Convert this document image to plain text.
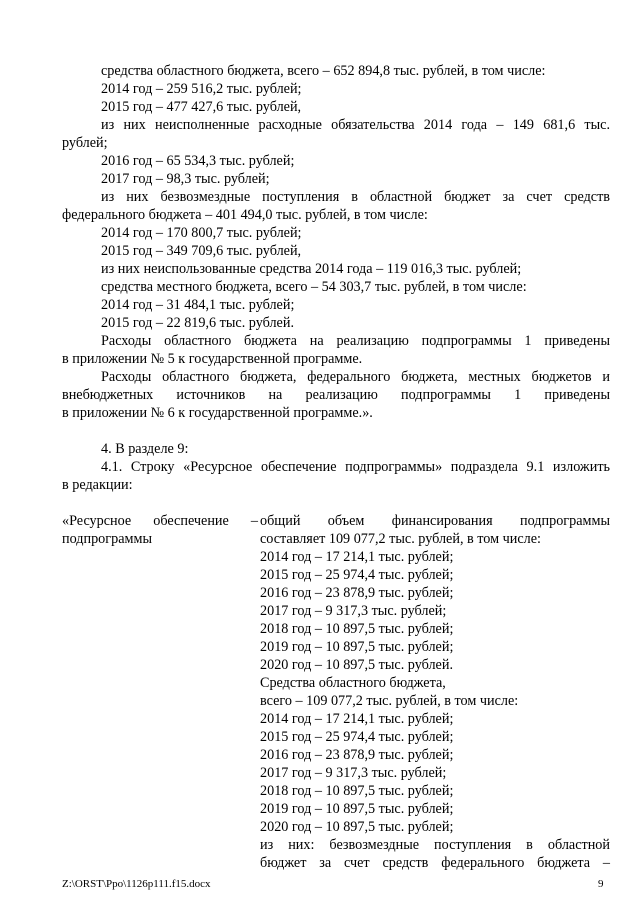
средства областного бюджета, всего – 652 894,8 тыс. рублей, в том числе:
2014 год – 259 516,2 тыс. рублей;
2015 год – 477 427,6 тыс. рублей,
из них неисполненные расходные обязательства 2014 года – 149 681,6 тыс.
рублей;
2016 год – 65 534,3 тыс. рублей;
2017 год – 98,3 тыс. рублей;
из них безвозмездные поступления в областной бюджет за счет средств
федерального бюджета – 401 494,0 тыс. рублей, в том числе:
2014 год – 170 800,7 тыс. рублей;
2015 год – 349 709,6 тыс. рублей,
из них неиспользованные средства 2014 года – 119 016,3 тыс. рублей;
средства местного бюджета, всего – 54 303,7 тыс. рублей, в том числе:
2014 год – 31 484,1 тыс. рублей;
2015 год – 22 819,6 тыс. рублей.
Расходы областного бюджета на реализацию подпрограммы 1 приведены
в приложении № 5 к государственной программе.
Расходы областного бюджета, федерального бюджета, местных бюджетов и
внебюджетных источников на реализацию подпрограммы 1 приведены
в приложении № 6 к государственной программе.».
4. В разделе 9:
4.1. Строку «Ресурсное обеспечение подпрограммы» подраздела 9.1 изложить
в редакции:
«Ресурсное обеспечение –
подпрограммы
общий объем финансирования подпрограммы
составляет 109 077,2 тыс. рублей, в том числе:
2014 год – 17 214,1 тыс. рублей;
2015 год – 25 974,4 тыс. рублей;
2016 год – 23 878,9 тыс. рублей;
2017 год – 9 317,3 тыс. рублей;
2018 год – 10 897,5 тыс. рублей;
2019 год – 10 897,5 тыс. рублей;
2020 год – 10 897,5 тыс. рублей.
Средства областного бюджета,
всего – 109 077,2 тыс. рублей, в том числе:
2014 год – 17 214,1 тыс. рублей;
2015 год – 25 974,4 тыс. рублей;
2016 год – 23 878,9 тыс. рублей;
2017 год – 9 317,3 тыс. рублей;
2018 год – 10 897,5 тыс. рублей;
2019 год – 10 897,5 тыс. рублей;
2020 год – 10 897,5 тыс. рублей;
из них: безвозмездные поступления в областной
бюджет за счет средств федерального бюджета –
Z:\ORST\Ppo\1126p111.f15.docx	9
